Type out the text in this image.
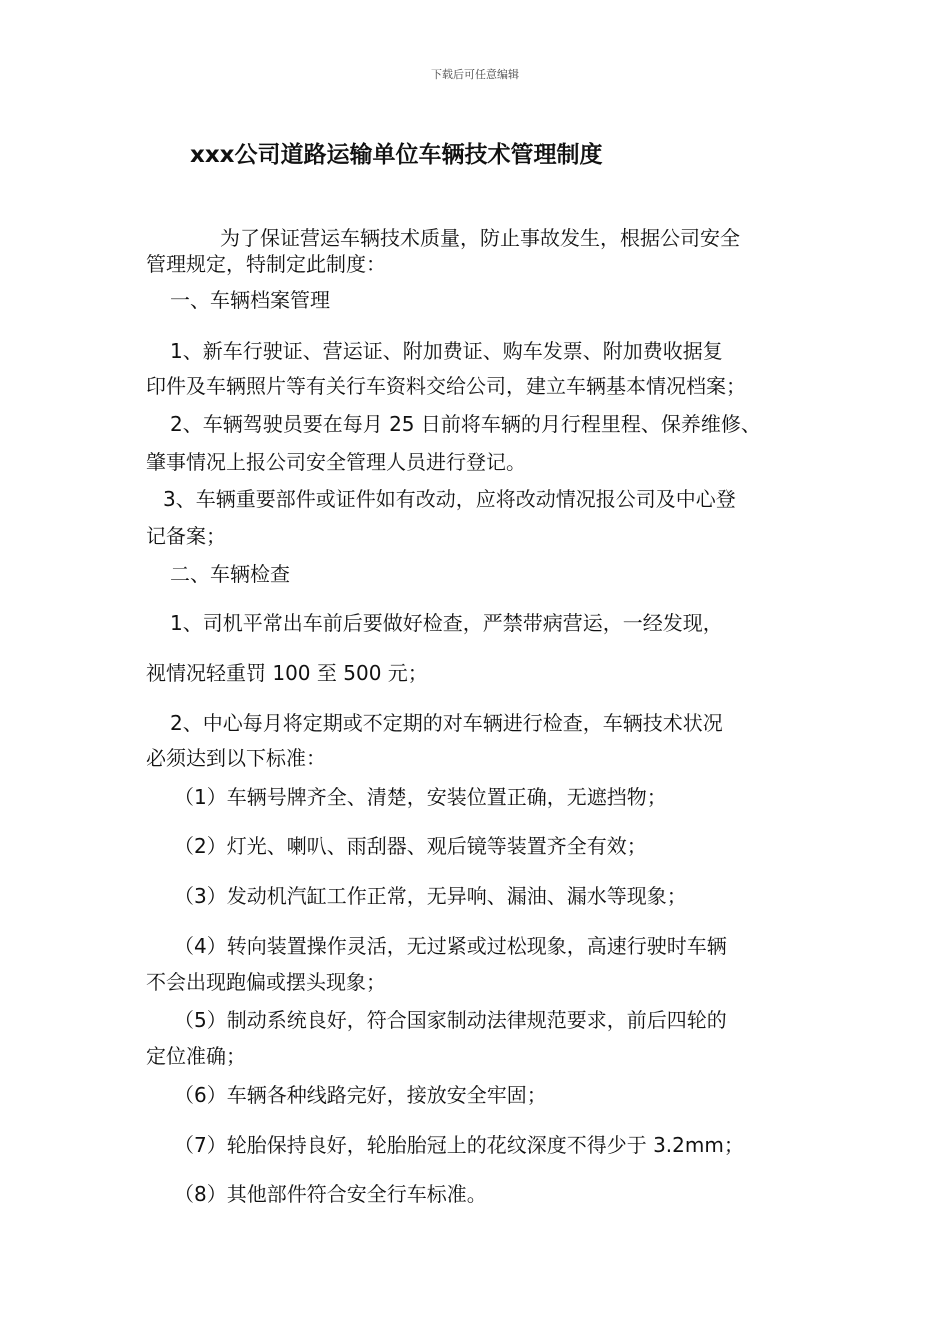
下载后可任意编辑
xxx公司道路运输单位车辆技术管理制度
为了保证营运车辆技术质量，防止事故发生，根据公司安全
管理规定，特制定此制度：
一、车辆档案管理
1、新车行驶证、营运证、附加费证、购车发票、附加费收据复
印件及车辆照片等有关行车资料交给公司，建立车辆基本情况档案；
2、车辆驾驶员要在每月 25 日前将车辆的月行程里程、保养维修、
肇事情况上报公司安全管理人员进行登记。
3、车辆重要部件或证件如有改动，应将改动情况报公司及中心登
记备案；
二、车辆检查
1、司机平常出车前后要做好检查，严禁带病营运，一经发现，
视情况轻重罚 100 至 500 元；
2、中心每月将定期或不定期的对车辆进行检查，车辆技术状况
必须达到以下标准：
（1）车辆号牌齐全、清楚，安装位置正确，无遮挡物；
（2）灯光、喇叭、雨刮器、观后镜等装置齐全有效；
（3）发动机汽缸工作正常，无异响、漏油、漏水等现象；
（4）转向装置操作灵活，无过紧或过松现象，高速行驶时车辆
不会出现跑偏或摆头现象；
（5）制动系统良好，符合国家制动法律规范要求，前后四轮的
定位准确；
（6）车辆各种线路完好，接放安全牢固；
（7）轮胎保持良好，轮胎胎冠上的花纹深度不得少于 3.2mm；
（8）其他部件符合安全行车标准。
